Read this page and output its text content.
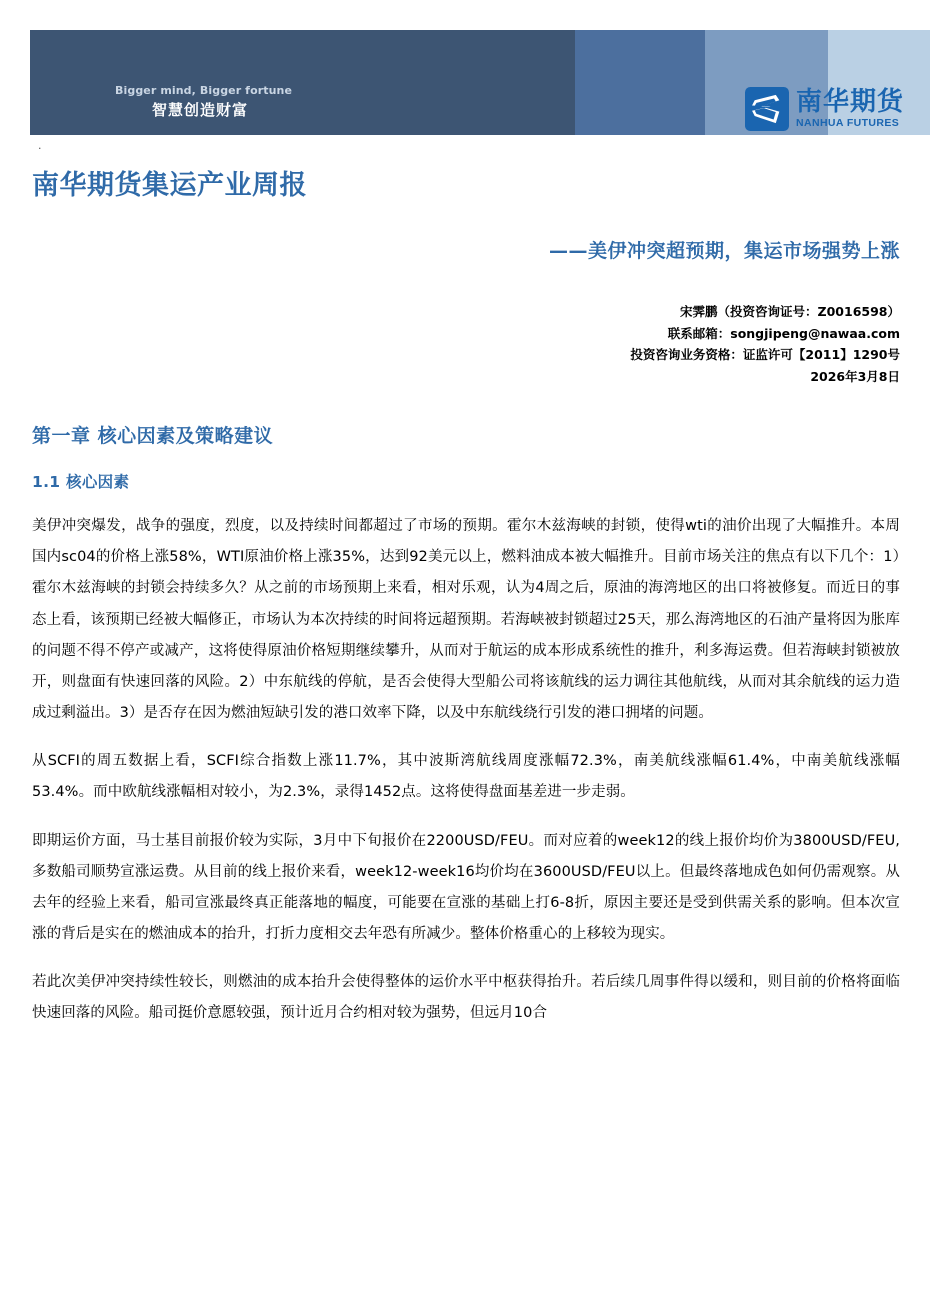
Bigger mind, Bigger fortune
智慧创造财富	南华期货
NANHUA FUTURES
.
南华期货集运产业周报
——美伊冲突超预期，集运市场强势上涨
宋霁鹏（投资咨询证号：Z0016598）
联系邮箱：songjipeng@nawaa.com
投资咨询业务资格：证监许可【2011】1290号
2026年3月8日
第一章 核心因素及策略建议
1.1 核心因素

美伊冲突爆发，战争的强度，烈度，以及持续时间都超过了市场的预期。霍尔木兹海峡的封锁，使得wti的油价出现了大幅推升。本周国内sc04的价格上涨58%，WTI原油价格上涨35%，达到92美元以上，燃料油成本被大幅推升。目前市场关注的焦点有以下几个：1）霍尔木兹海峡的封锁会持续多久？从之前的市场预期上来看，相对乐观，认为4周之后，原油的海湾地区的出口将被修复。而近日的事态上看，该预期已经被大幅修正，市场认为本次持续的时间将远超预期。若海峡被封锁超过25天，那么海湾地区的石油产量将因为胀库的问题不得不停产或减产，这将使得原油价格短期继续攀升，从而对于航运的成本形成系统性的推升，利多海运费。但若海峡封锁被放开，则盘面有快速回落的风险。2）中东航线的停航，是否会使得大型船公司将该航线的运力调往其他航线，从而对其余航线的运力造成过剩溢出。3）是否存在因为燃油短缺引发的港口效率下降，以及中东航线绕行引发的港口拥堵的问题。

从SCFI的周五数据上看，SCFI综合指数上涨11.7%，其中波斯湾航线周度涨幅72.3%，南美航线涨幅61.4%，中南美航线涨幅53.4%。而中欧航线涨幅相对较小，为2.3%，录得1452点。这将使得盘面基差进一步走弱。

即期运价方面，马士基目前报价较为实际，3月中下旬报价在2200USD/FEU。而对应着的week12的线上报价均价为3800USD/FEU,多数船司顺势宣涨运费。从目前的线上报价来看，week12-week16均价均在3600USD/FEU以上。但最终落地成色如何仍需观察。从去年的经验上来看，船司宣涨最终真正能落地的幅度，可能要在宣涨的基础上打6-8折，原因主要还是受到供需关系的影响。但本次宣涨的背后是实在的燃油成本的抬升，打折力度相交去年恐有所减少。整体价格重心的上移较为现实。

若此次美伊冲突持续性较长，则燃油的成本抬升会使得整体的运价水平中枢获得抬升。若后续几周事件得以缓和，则目前的价格将面临快速回落的风险。船司挺价意愿较强，预计近月合约相对较为强势，但远月10合
